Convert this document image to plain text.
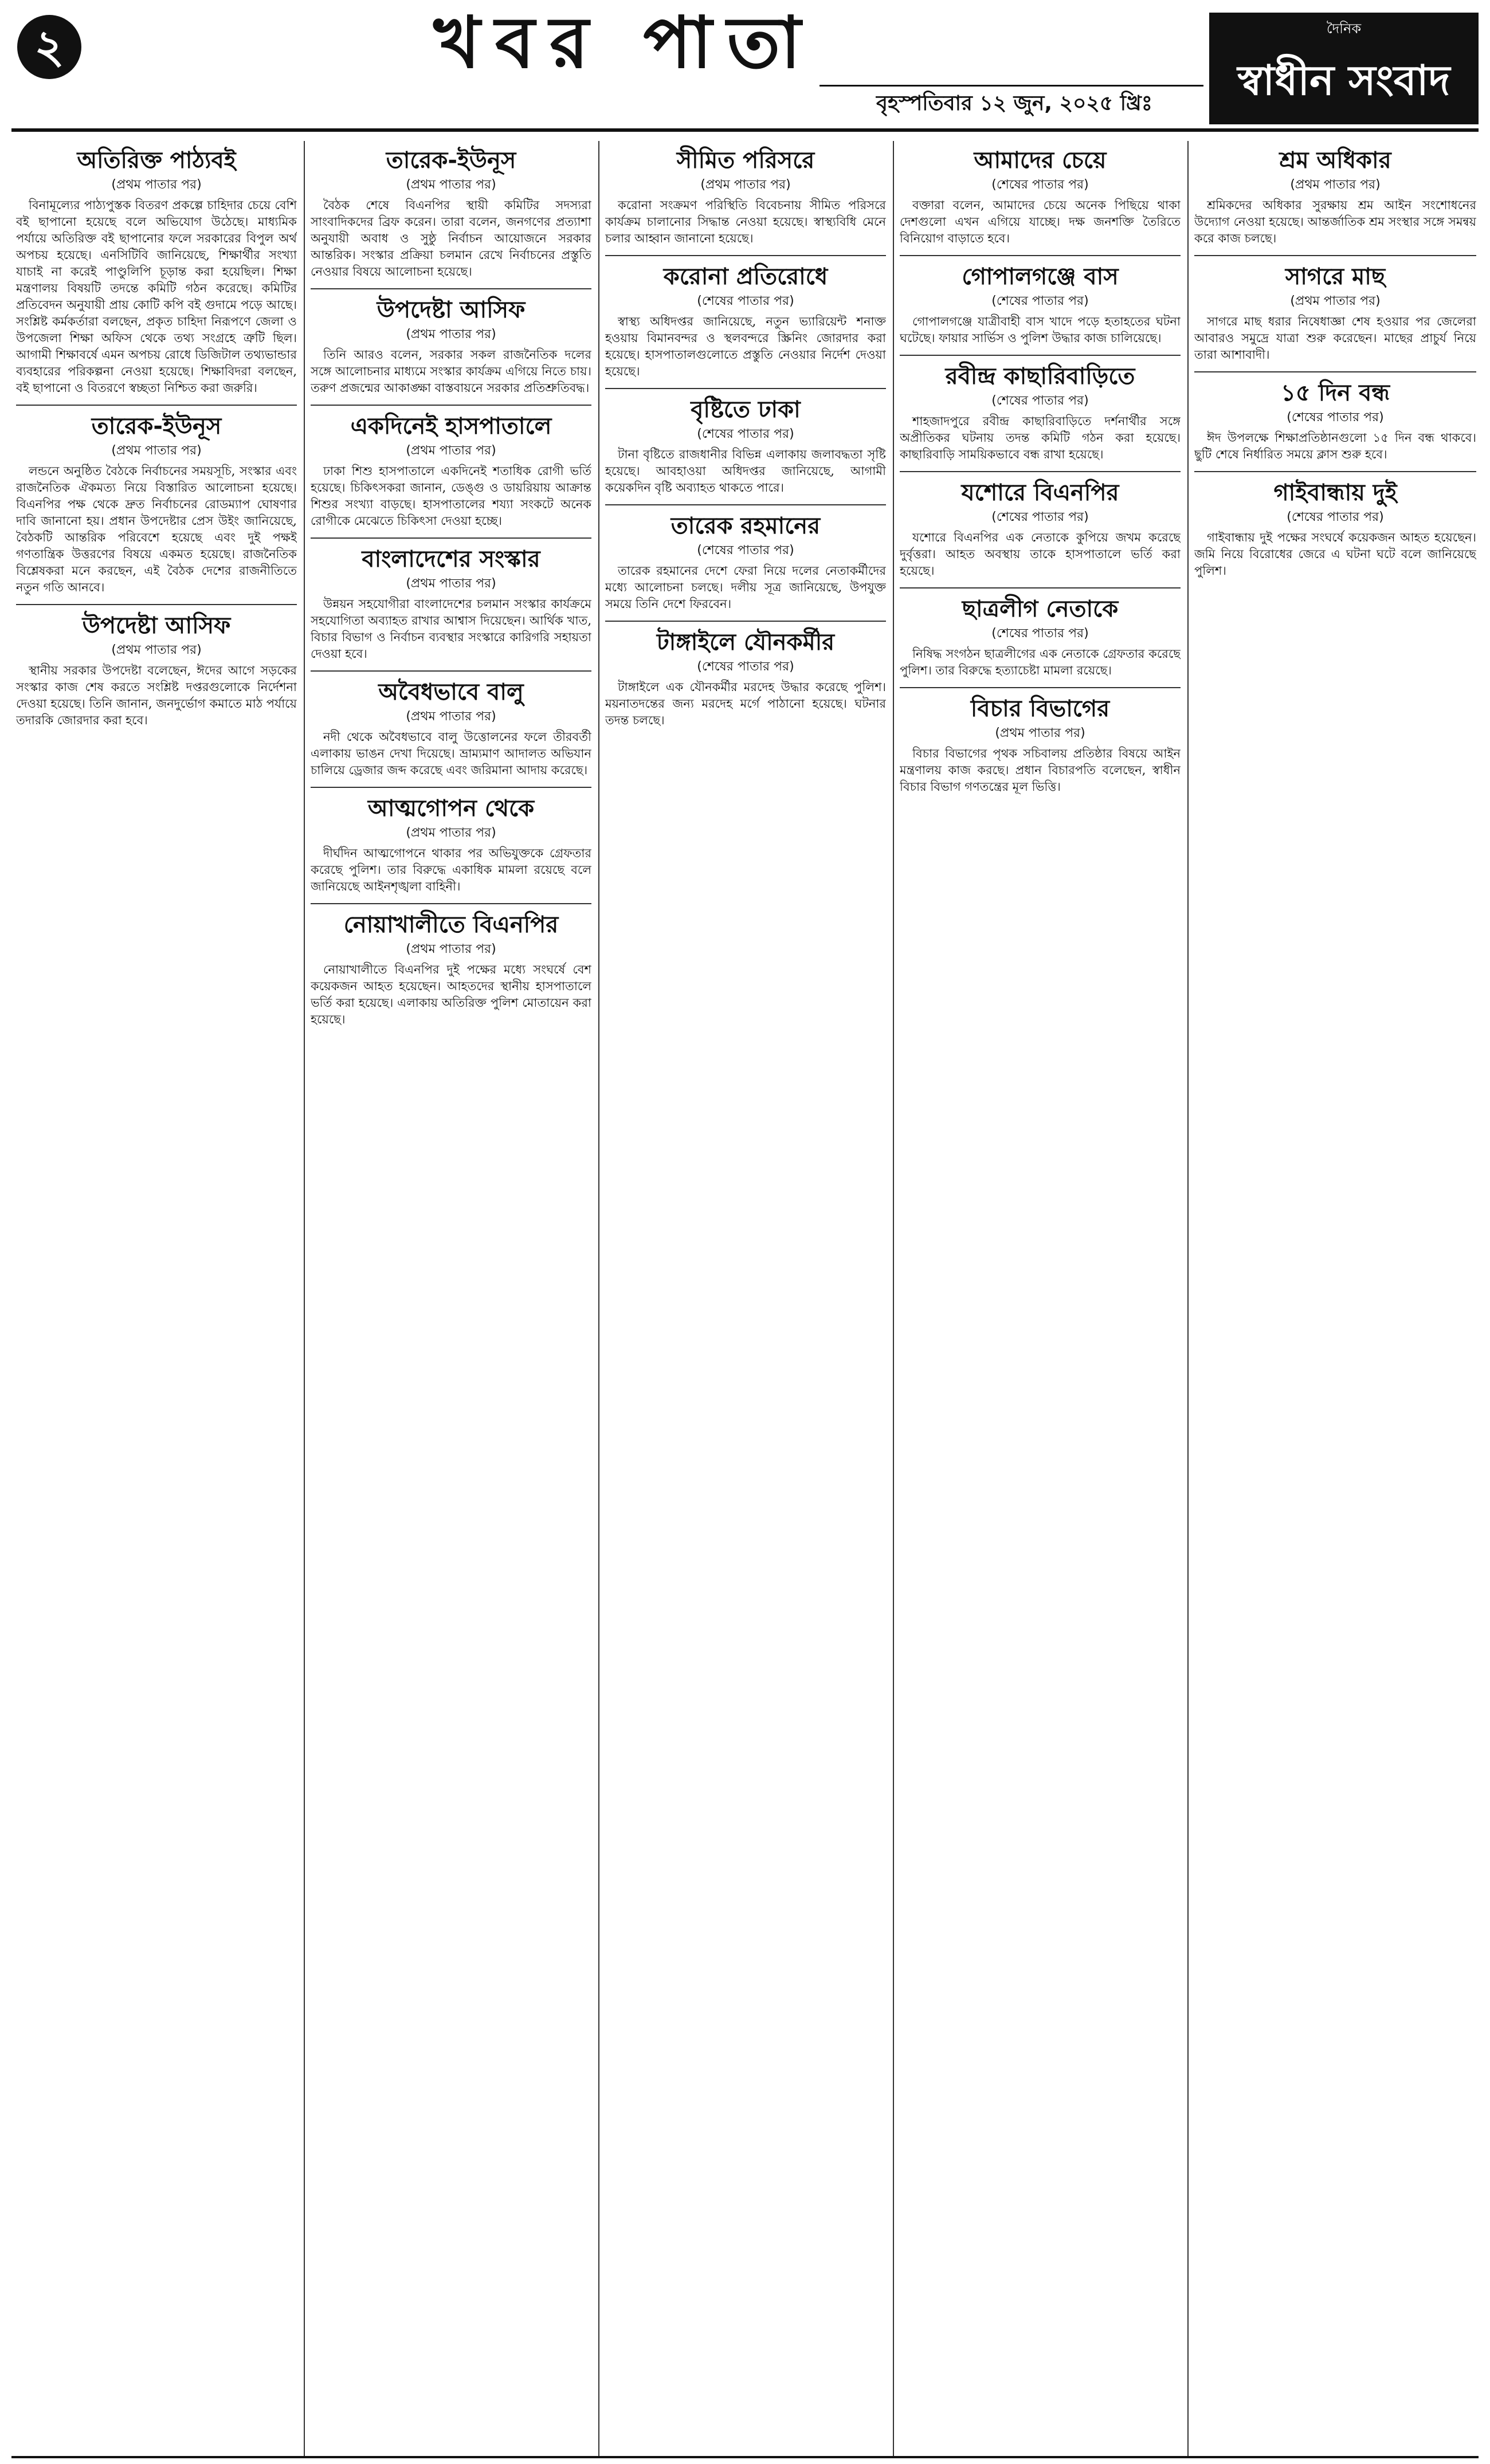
২	খবর পাতা
বৃহস্পতিবার ১২ জুন, ২০২৫ খ্রিঃ
দৈনিক
স্বাধীন সংবাদ
অতিরিক্ত পাঠ্যবই
(প্রথম পাতার পর)

বিনামূল্যের পাঠ্যপুস্তক বিতরণ প্রকল্পে চাহিদার চেয়ে বেশি বই ছাপানো হয়েছে বলে অভিযোগ উঠেছে। মাধ্যমিক পর্যায়ে অতিরিক্ত বই ছাপানোর ফলে সরকারের বিপুল অর্থ অপচয় হয়েছে। এনসিটিবি জানিয়েছে, শিক্ষার্থীর সংখ্যা যাচাই না করেই পাণ্ডুলিপি চূড়ান্ত করা হয়েছিল। শিক্ষা মন্ত্রণালয় বিষয়টি তদন্তে কমিটি গঠন করেছে। কমিটির প্রতিবেদন অনুযায়ী প্রায় কোটি কপি বই গুদামে পড়ে আছে। সংশ্লিষ্ট কর্মকর্তারা বলছেন, প্রকৃত চাহিদা নিরূপণে জেলা ও উপজেলা শিক্ষা অফিস থেকে তথ্য সংগ্রহে ত্রুটি ছিল। আগামী শিক্ষাবর্ষে এমন অপচয় রোধে ডিজিটাল তথ্যভান্ডার ব্যবহারের পরিকল্পনা নেওয়া হয়েছে। শিক্ষাবিদরা বলছেন, বই ছাপানো ও বিতরণে স্বচ্ছতা নিশ্চিত করা জরুরি।

তারেক-ইউনূস
(প্রথম পাতার পর)

লন্ডনে অনুষ্ঠিত বৈঠকে নির্বাচনের সময়সূচি, সংস্কার এবং রাজনৈতিক ঐকমত্য নিয়ে বিস্তারিত আলোচনা হয়েছে। বিএনপির পক্ষ থেকে দ্রুত নির্বাচনের রোডম্যাপ ঘোষণার দাবি জানানো হয়। প্রধান উপদেষ্টার প্রেস উইং জানিয়েছে, বৈঠকটি আন্তরিক পরিবেশে হয়েছে এবং দুই পক্ষই গণতান্ত্রিক উত্তরণের বিষয়ে একমত হয়েছে। রাজনৈতিক বিশ্লেষকরা মনে করছেন, এই বৈঠক দেশের রাজনীতিতে নতুন গতি আনবে।

উপদেষ্টা আসিফ
(প্রথম পাতার পর)

স্থানীয় সরকার উপদেষ্টা বলেছেন, ঈদের আগে সড়কের সংস্কার কাজ শেষ করতে সংশ্লিষ্ট দপ্তরগুলোকে নির্দেশনা দেওয়া হয়েছে। তিনি জানান, জনদুর্ভোগ কমাতে মাঠ পর্যায়ে তদারকি জোরদার করা হবে।

তারেক-ইউনূস
(প্রথম পাতার পর)

বৈঠক শেষে বিএনপির স্থায়ী কমিটির সদস্যরা সাংবাদিকদের ব্রিফ করেন। তারা বলেন, জনগণের প্রত্যাশা অনুযায়ী অবাধ ও সুষ্ঠু নির্বাচন আয়োজনে সরকার আন্তরিক। সংস্কার প্রক্রিয়া চলমান রেখে নির্বাচনের প্রস্তুতি নেওয়ার বিষয়ে আলোচনা হয়েছে।

উপদেষ্টা আসিফ
(প্রথম পাতার পর)

তিনি আরও বলেন, সরকার সকল রাজনৈতিক দলের সঙ্গে আলোচনার মাধ্যমে সংস্কার কার্যক্রম এগিয়ে নিতে চায়। তরুণ প্রজন্মের আকাঙ্ক্ষা বাস্তবায়নে সরকার প্রতিশ্রুতিবদ্ধ।

একদিনেই হাসপাতালে
(প্রথম পাতার পর)

ঢাকা শিশু হাসপাতালে একদিনেই শতাধিক রোগী ভর্তি হয়েছে। চিকিৎসকরা জানান, ডেঙ্গু ও ডায়রিয়ায় আক্রান্ত শিশুর সংখ্যা বাড়ছে। হাসপাতালের শয্যা সংকটে অনেক রোগীকে মেঝেতে চিকিৎসা দেওয়া হচ্ছে।

বাংলাদেশের সংস্কার
(প্রথম পাতার পর)

উন্নয়ন সহযোগীরা বাংলাদেশের চলমান সংস্কার কার্যক্রমে সহযোগিতা অব্যাহত রাখার আশ্বাস দিয়েছেন। আর্থিক খাত, বিচার বিভাগ ও নির্বাচন ব্যবস্থার সংস্কারে কারিগরি সহায়তা দেওয়া হবে।

অবৈধভাবে বালু
(প্রথম পাতার পর)

নদী থেকে অবৈধভাবে বালু উত্তোলনের ফলে তীরবর্তী এলাকায় ভাঙন দেখা দিয়েছে। ভ্রাম্যমাণ আদালত অভিযান চালিয়ে ড্রেজার জব্দ করেছে এবং জরিমানা আদায় করেছে।

আত্মগোপন থেকে
(প্রথম পাতার পর)

দীর্ঘদিন আত্মগোপনে থাকার পর অভিযুক্তকে গ্রেফতার করেছে পুলিশ। তার বিরুদ্ধে একাধিক মামলা রয়েছে বলে জানিয়েছে আইনশৃঙ্খলা বাহিনী।

নোয়াখালীতে বিএনপির
(প্রথম পাতার পর)

নোয়াখালীতে বিএনপির দুই পক্ষের মধ্যে সংঘর্ষে বেশ কয়েকজন আহত হয়েছেন। আহতদের স্থানীয় হাসপাতালে ভর্তি করা হয়েছে। এলাকায় অতিরিক্ত পুলিশ মোতায়েন করা হয়েছে।

সীমিত পরিসরে
(প্রথম পাতার পর)

করোনা সংক্রমণ পরিস্থিতি বিবেচনায় সীমিত পরিসরে কার্যক্রম চালানোর সিদ্ধান্ত নেওয়া হয়েছে। স্বাস্থ্যবিধি মেনে চলার আহ্বান জানানো হয়েছে।

করোনা প্রতিরোধে
(শেষের পাতার পর)

স্বাস্থ্য অধিদপ্তর জানিয়েছে, নতুন ভ্যারিয়েন্ট শনাক্ত হওয়ায় বিমানবন্দর ও স্থলবন্দরে স্ক্রিনিং জোরদার করা হয়েছে। হাসপাতালগুলোতে প্রস্তুতি নেওয়ার নির্দেশ দেওয়া হয়েছে।

বৃষ্টিতে ঢাকা
(শেষের পাতার পর)

টানা বৃষ্টিতে রাজধানীর বিভিন্ন এলাকায় জলাবদ্ধতা সৃষ্টি হয়েছে। আবহাওয়া অধিদপ্তর জানিয়েছে, আগামী কয়েকদিন বৃষ্টি অব্যাহত থাকতে পারে।

তারেক রহমানের
(শেষের পাতার পর)

তারেক রহমানের দেশে ফেরা নিয়ে দলের নেতাকর্মীদের মধ্যে আলোচনা চলছে। দলীয় সূত্র জানিয়েছে, উপযুক্ত সময়ে তিনি দেশে ফিরবেন।

টাঙ্গাইলে যৌনকর্মীর
(শেষের পাতার পর)

টাঙ্গাইলে এক যৌনকর্মীর মরদেহ উদ্ধার করেছে পুলিশ। ময়নাতদন্তের জন্য মরদেহ মর্গে পাঠানো হয়েছে। ঘটনার তদন্ত চলছে।

আমাদের চেয়ে
(শেষের পাতার পর)

বক্তারা বলেন, আমাদের চেয়ে অনেক পিছিয়ে থাকা দেশগুলো এখন এগিয়ে যাচ্ছে। দক্ষ জনশক্তি তৈরিতে বিনিয়োগ বাড়াতে হবে।

গোপালগঞ্জে বাস
(শেষের পাতার পর)

গোপালগঞ্জে যাত্রীবাহী বাস খাদে পড়ে হতাহতের ঘটনা ঘটেছে। ফায়ার সার্ভিস ও পুলিশ উদ্ধার কাজ চালিয়েছে।

রবীন্দ্র কাছারিবাড়িতে
(শেষের পাতার পর)

শাহজাদপুরে রবীন্দ্র কাছারিবাড়িতে দর্শনার্থীর সঙ্গে অপ্রীতিকর ঘটনায় তদন্ত কমিটি গঠন করা হয়েছে। কাছারিবাড়ি সাময়িকভাবে বন্ধ রাখা হয়েছে।

যশোরে বিএনপির
(শেষের পাতার পর)

যশোরে বিএনপির এক নেতাকে কুপিয়ে জখম করেছে দুর্বৃত্তরা। আহত অবস্থায় তাকে হাসপাতালে ভর্তি করা হয়েছে।

ছাত্রলীগ নেতাকে
(শেষের পাতার পর)

নিষিদ্ধ সংগঠন ছাত্রলীগের এক নেতাকে গ্রেফতার করেছে পুলিশ। তার বিরুদ্ধে হত্যাচেষ্টা মামলা রয়েছে।

বিচার বিভাগের
(প্রথম পাতার পর)

বিচার বিভাগের পৃথক সচিবালয় প্রতিষ্ঠার বিষয়ে আইন মন্ত্রণালয় কাজ করছে। প্রধান বিচারপতি বলেছেন, স্বাধীন বিচার বিভাগ গণতন্ত্রের মূল ভিত্তি।

শ্রম অধিকার
(প্রথম পাতার পর)

শ্রমিকদের অধিকার সুরক্ষায় শ্রম আইন সংশোধনের উদ্যোগ নেওয়া হয়েছে। আন্তর্জাতিক শ্রম সংস্থার সঙ্গে সমন্বয় করে কাজ চলছে।

সাগরে মাছ
(প্রথম পাতার পর)

সাগরে মাছ ধরার নিষেধাজ্ঞা শেষ হওয়ার পর জেলেরা আবারও সমুদ্রে যাত্রা শুরু করেছেন। মাছের প্রাচুর্য নিয়ে তারা আশাবাদী।

১৫ দিন বন্ধ
(শেষের পাতার পর)

ঈদ উপলক্ষে শিক্ষাপ্রতিষ্ঠানগুলো ১৫ দিন বন্ধ থাকবে। ছুটি শেষে নির্ধারিত সময়ে ক্লাস শুরু হবে।

গাইবান্ধায় দুই
(শেষের পাতার পর)

গাইবান্ধায় দুই পক্ষের সংঘর্ষে কয়েকজন আহত হয়েছেন। জমি নিয়ে বিরোধের জেরে এ ঘটনা ঘটে বলে জানিয়েছে পুলিশ।
